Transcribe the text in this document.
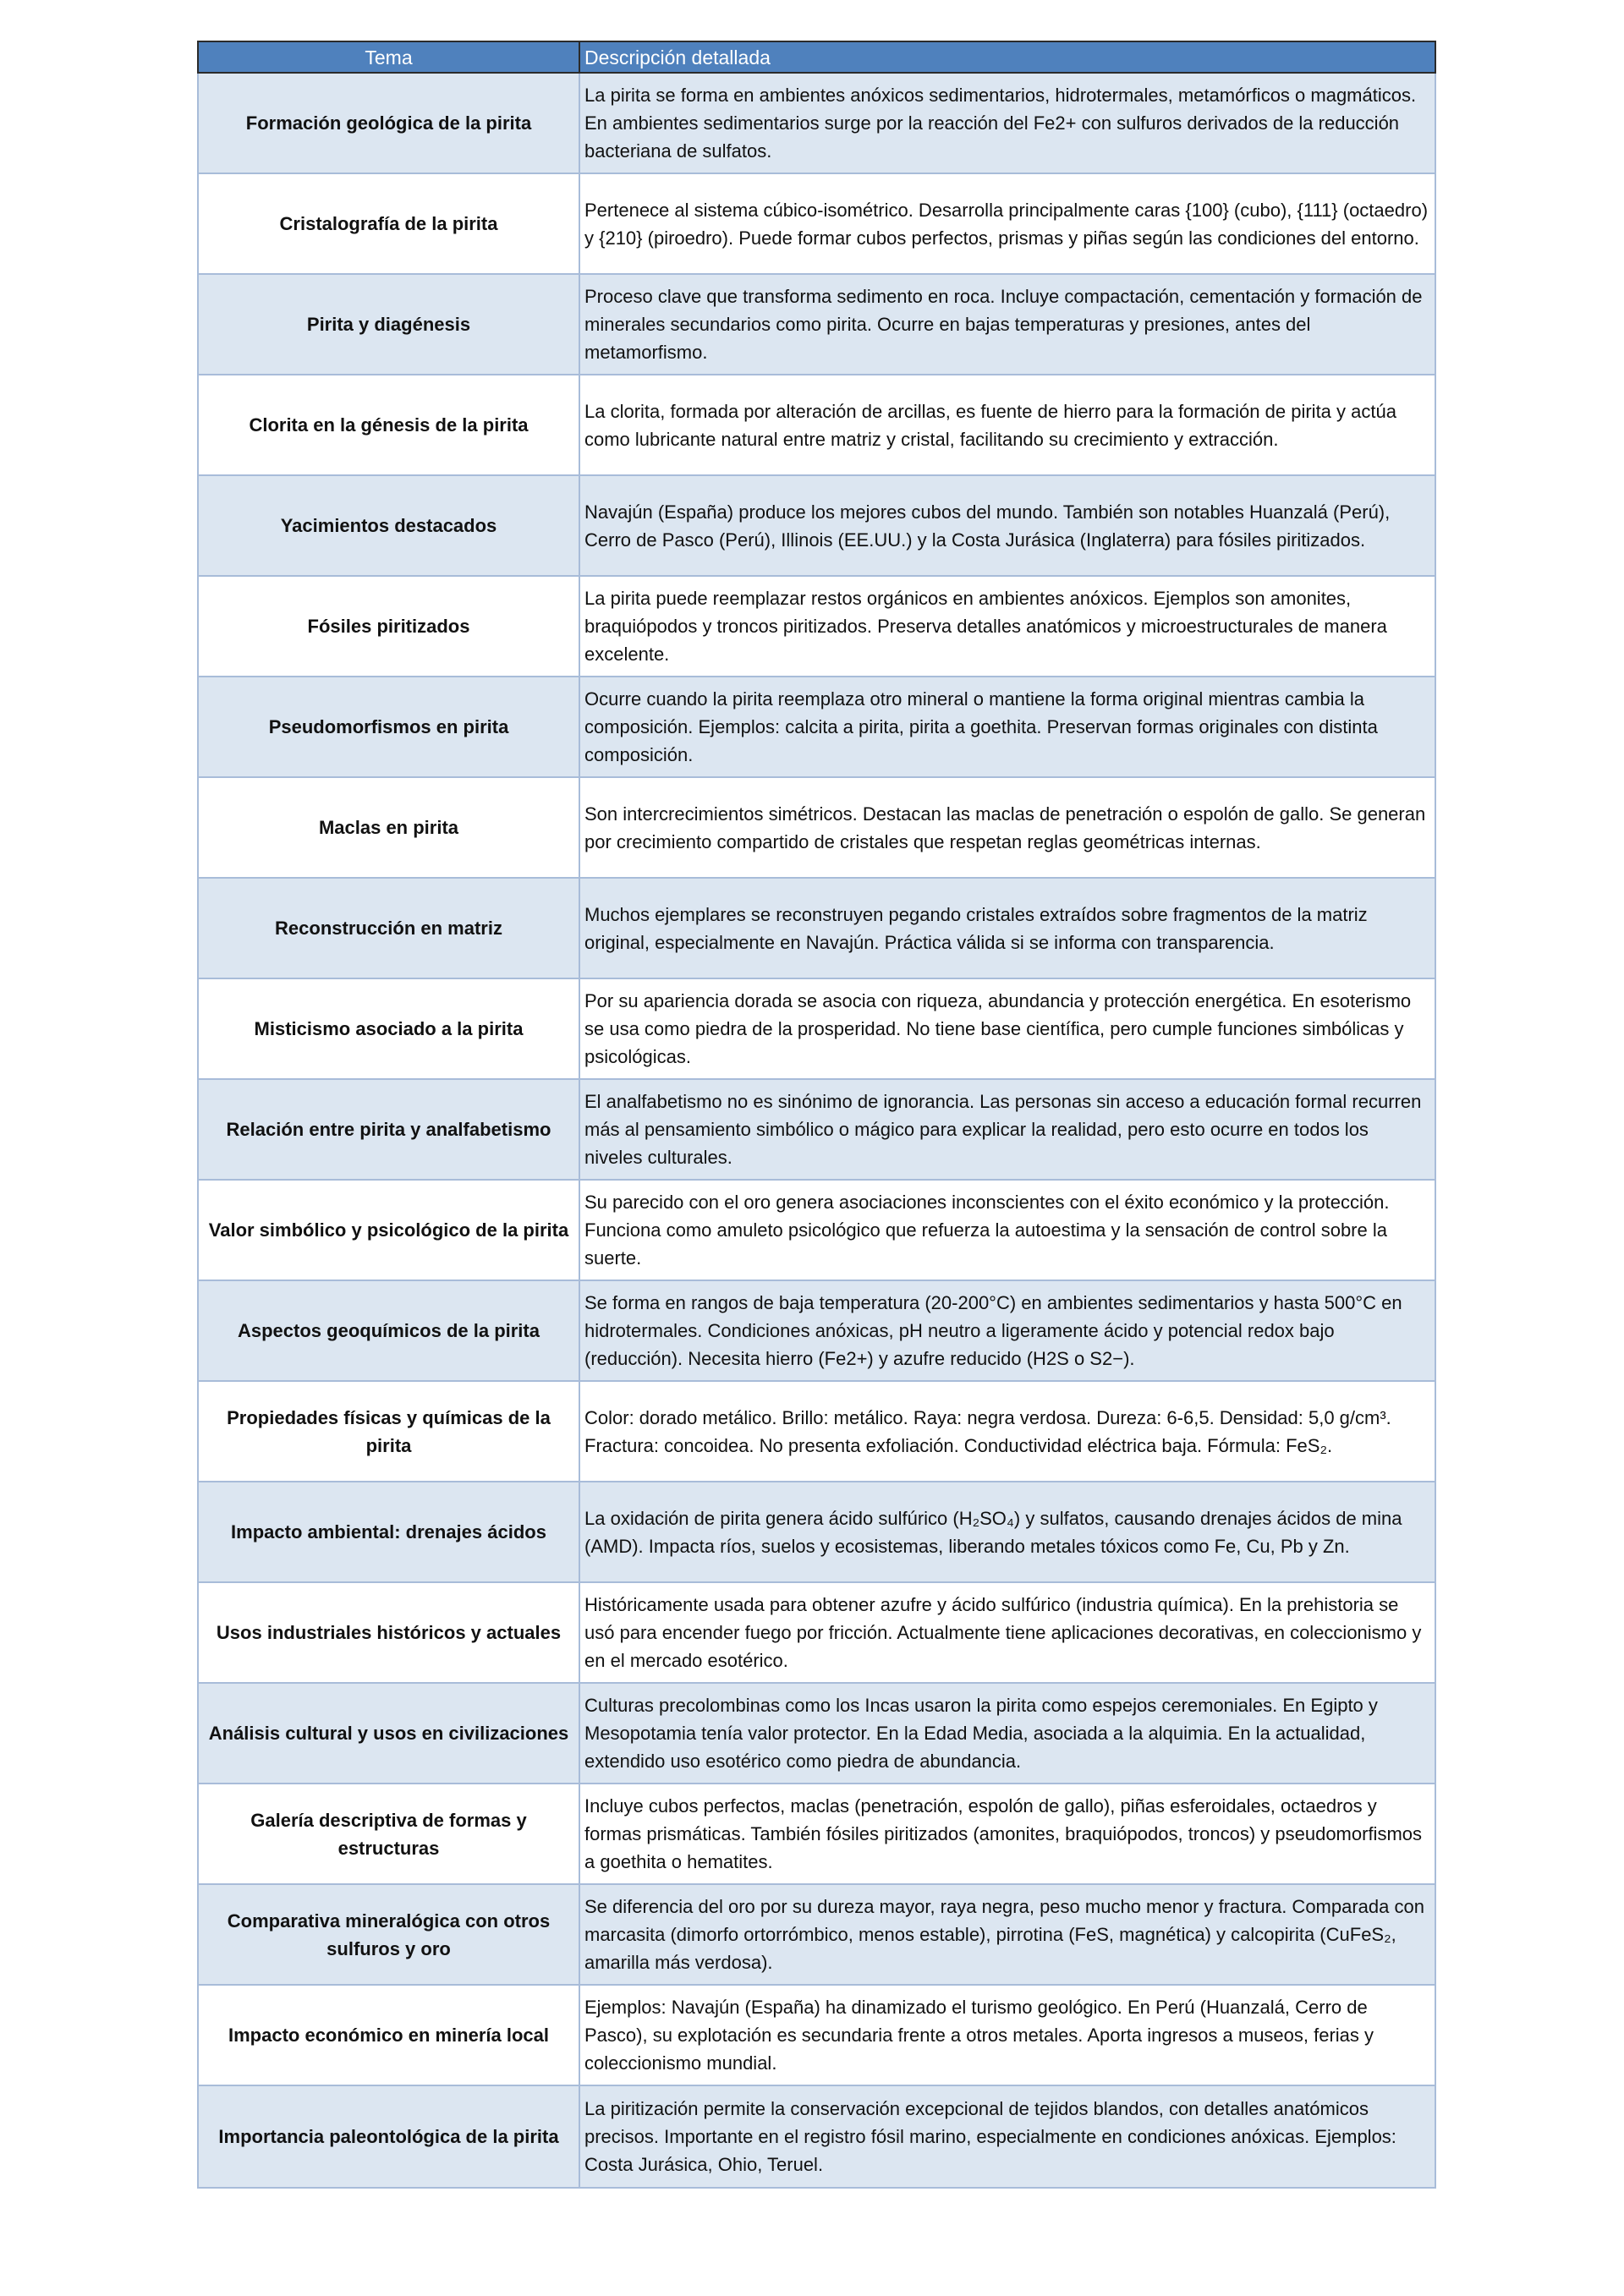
Tema	Descripción detallada
Formación geológica de la pirita	La pirita se forma en ambientes anóxicos sedimentarios, hidrotermales, metamórficos o magmáticos. En ambientes sedimentarios surge por la reacción del Fe2+ con sulfuros derivados de la reducción bacteriana de sulfatos.
Cristalografía de la pirita	Pertenece al sistema cúbico-isométrico. Desarrolla principalmente caras {100} (cubo), {111} (octaedro) y {210} (piroedro). Puede formar cubos perfectos, prismas y piñas según las condiciones del entorno.
Pirita y diagénesis	Proceso clave que transforma sedimento en roca. Incluye compactación, cementación y formación de minerales secundarios como pirita. Ocurre en bajas temperaturas y presiones, antes del metamorfismo.
Clorita en la génesis de la pirita	La clorita, formada por alteración de arcillas, es fuente de hierro para la formación de pirita y actúa como lubricante natural entre matriz y cristal, facilitando su crecimiento y extracción.
Yacimientos destacados	Navajún (España) produce los mejores cubos del mundo. También son notables Huanzalá (Perú), Cerro de Pasco (Perú), Illinois (EE.UU.) y la Costa Jurásica (Inglaterra) para fósiles piritizados.
Fósiles piritizados	La pirita puede reemplazar restos orgánicos en ambientes anóxicos. Ejemplos son amonites, braquiópodos y troncos piritizados. Preserva detalles anatómicos y microestructurales de manera excelente.
Pseudomorfismos en pirita	Ocurre cuando la pirita reemplaza otro mineral o mantiene la forma original mientras cambia la composición. Ejemplos: calcita a pirita, pirita a goethita. Preservan formas originales con distinta composición.
Maclas en pirita	Son intercrecimientos simétricos. Destacan las maclas de penetración o espolón de gallo. Se generan por crecimiento compartido de cristales que respetan reglas geométricas internas.
Reconstrucción en matriz	Muchos ejemplares se reconstruyen pegando cristales extraídos sobre fragmentos de la matriz original, especialmente en Navajún. Práctica válida si se informa con transparencia.
Misticismo asociado a la pirita	Por su apariencia dorada se asocia con riqueza, abundancia y protección energética. En esoterismo se usa como piedra de la prosperidad. No tiene base científica, pero cumple funciones simbólicas y psicológicas.
Relación entre pirita y analfabetismo	El analfabetismo no es sinónimo de ignorancia. Las personas sin acceso a educación formal recurren más al pensamiento simbólico o mágico para explicar la realidad, pero esto ocurre en todos los niveles culturales.
Valor simbólico y psicológico de la pirita	Su parecido con el oro genera asociaciones inconscientes con el éxito económico y la protección. Funciona como amuleto psicológico que refuerza la autoestima y la sensación de control sobre la suerte.
Aspectos geoquímicos de la pirita	Se forma en rangos de baja temperatura (20-200°C) en ambientes sedimentarios y hasta 500°C en hidrotermales. Condiciones anóxicas, pH neutro a ligeramente ácido y potencial redox bajo (reducción). Necesita hierro (Fe2+) y azufre reducido (H2S o S2−).
Propiedades físicas y químicas de la pirita	Color: dorado metálico. Brillo: metálico. Raya: negra verdosa. Dureza: 6-6,5. Densidad: 5,0 g/cm³. Fractura: concoidea. No presenta exfoliación. Conductividad eléctrica baja. Fórmula: FeS₂.
Impacto ambiental: drenajes ácidos	La oxidación de pirita genera ácido sulfúrico (H₂SO₄) y sulfatos, causando drenajes ácidos de mina (AMD). Impacta ríos, suelos y ecosistemas, liberando metales tóxicos como Fe, Cu, Pb y Zn.
Usos industriales históricos y actuales	Históricamente usada para obtener azufre y ácido sulfúrico (industria química). En la prehistoria se usó para encender fuego por fricción. Actualmente tiene aplicaciones decorativas, en coleccionismo y en el mercado esotérico.
Análisis cultural y usos en civilizaciones	Culturas precolombinas como los Incas usaron la pirita como espejos ceremoniales. En Egipto y Mesopotamia tenía valor protector. En la Edad Media, asociada a la alquimia. En la actualidad, extendido uso esotérico como piedra de abundancia.
Galería descriptiva de formas y estructuras	Incluye cubos perfectos, maclas (penetración, espolón de gallo), piñas esferoidales, octaedros y formas prismáticas. También fósiles piritizados (amonites, braquiópodos, troncos) y pseudomorfismos a goethita o hematites.
Comparativa mineralógica con otros sulfuros y oro	Se diferencia del oro por su dureza mayor, raya negra, peso mucho menor y fractura. Comparada con marcasita (dimorfo ortorrómbico, menos estable), pirrotina (FeS, magnética) y calcopirita (CuFeS₂, amarilla más verdosa).
Impacto económico en minería local	Ejemplos: Navajún (España) ha dinamizado el turismo geológico. En Perú (Huanzalá, Cerro de Pasco), su explotación es secundaria frente a otros metales. Aporta ingresos a museos, ferias y coleccionismo mundial.
Importancia paleontológica de la pirita	La piritización permite la conservación excepcional de tejidos blandos, con detalles anatómicos precisos. Importante en el registro fósil marino, especialmente en condiciones anóxicas. Ejemplos: Costa Jurásica, Ohio, Teruel.
